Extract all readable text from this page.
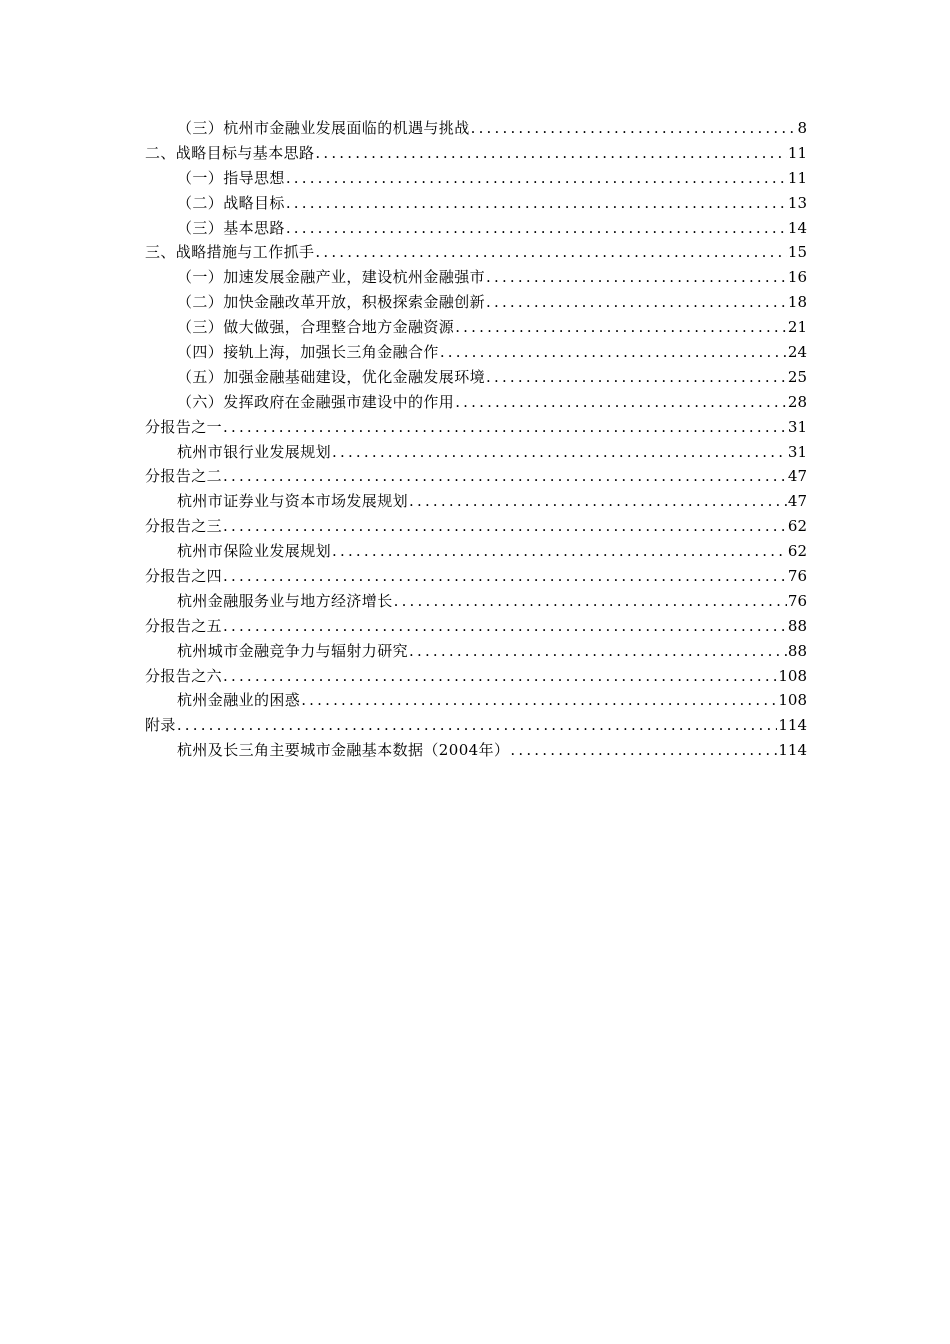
（三）杭州市金融业发展面临的机遇与挑战 .....	8
二、战略目标与基本思路 .....	11
（一）指导思想 .....	11
（二）战略目标 .....	13
（三）基本思路 .....	14
三、战略措施与工作抓手 .....	15
（一）加速发展金融产业，建设杭州金融强市 .....	16
（二）加快金融改革开放，积极探索金融创新 .....	18
（三）做大做强，合理整合地方金融资源 .....	21
（四）接轨上海，加强长三角金融合作 .....	24
（五）加强金融基础建设，优化金融发展环境 .....	25
（六）发挥政府在金融强市建设中的作用 .....	28
分报告之一 .....	31
杭州市银行业发展规划 .....	31
分报告之二 .....	47
杭州市证券业与资本市场发展规划 .....	47
分报告之三 .....	62
杭州市保险业发展规划 .....	62
分报告之四 .....	76
杭州金融服务业与地方经济增长 .....	76
分报告之五 .....	88
杭州城市金融竞争力与辐射力研究 .....	88
分报告之六 .....	108
杭州金融业的困惑 .....	108
附录 .....	114
杭州及长三角主要城市金融基本数据（2004年） .....	114
